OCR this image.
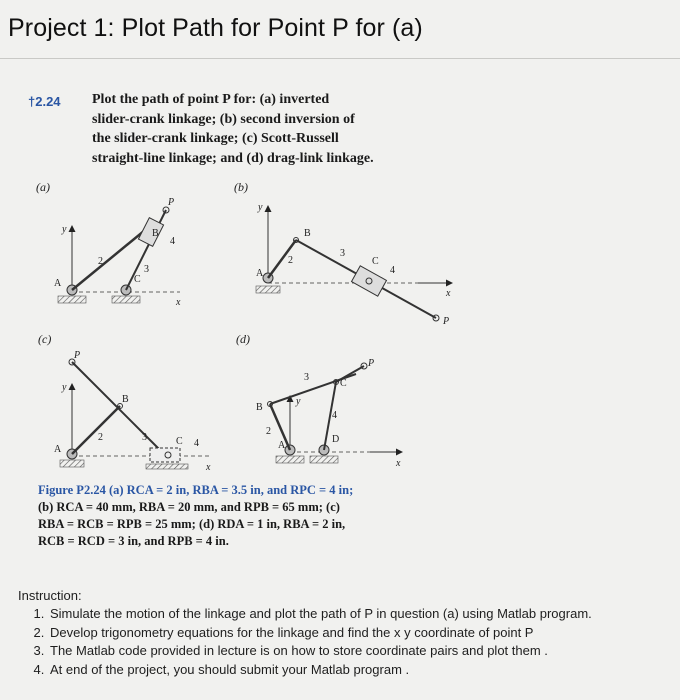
Project 1: Plot Path for Point P for (a)
†2.24 Plot the path of point P for: (a) inverted
slider-crank linkage; (b) second inversion of
the slider-crank linkage; (c) Scott-Russell
straight-line linkage; and (d) drag-link linkage.
(a)	(b)
(c)	(d)
y
x
A
2
3
C
B
4
P
x
y
A
2
B
3
C
4
P
x
y
A
2	3
B
P
C 4
x
y
A
D
2
B
3
4
C
P
Figure P2.24 (a) RCA = 2 in, RBA = 3.5 in, and RPC = 4 in;
(b) RCA = 40 mm, RBA = 20 mm, and RPB = 65 mm; (c)
RBA = RCB = RPB = 25 mm; (d) RDA = 1 in, RBA = 2 in,
RCB = RCD = 3 in, and RPB = 4 in.
Instruction:
1. Simulate the motion of the linkage and plot the path of P in question (a) using Matlab program.
2. Develop trigonometry equations for the linkage and find the x y coordinate of point P
3. The Matlab code provided in lecture is on how to store coordinate pairs and plot them .
4. At end of the project, you should submit your Matlab program .
